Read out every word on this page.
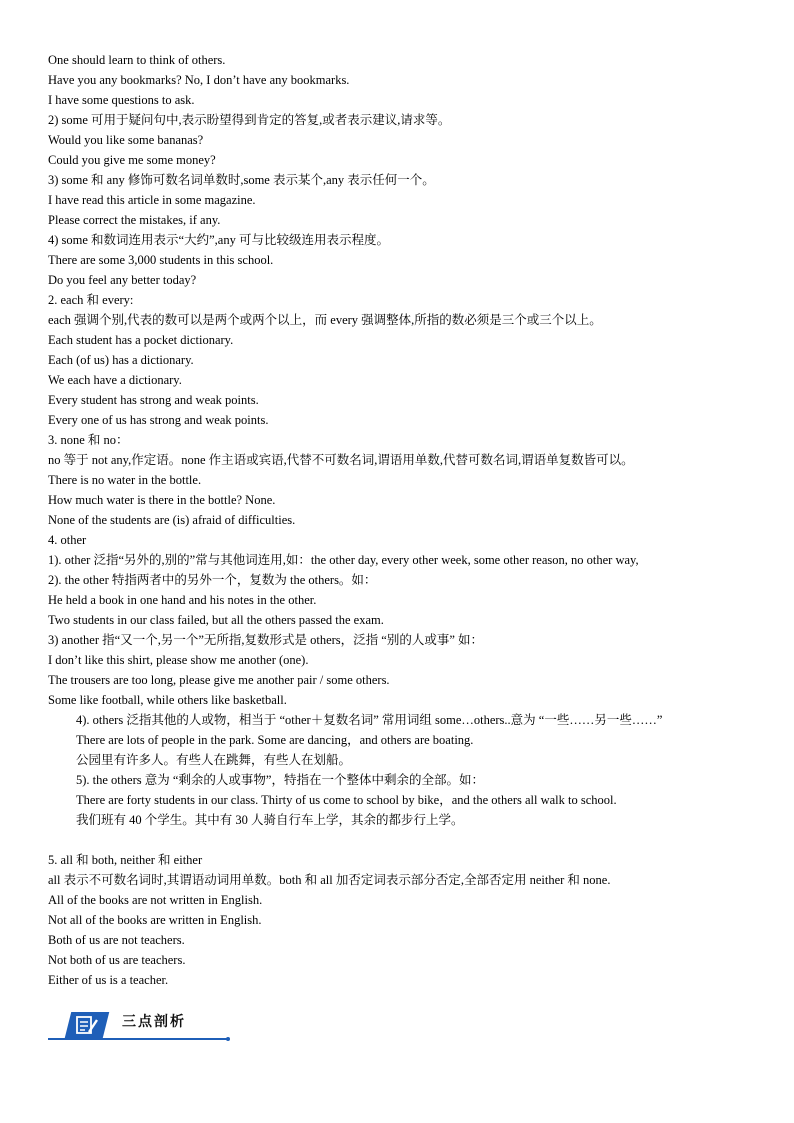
One should learn to think of others.
Have you any bookmarks? No, I don’t have any bookmarks.
I have some questions to ask.
2) some 可用于疑问句中,表示盼望得到肯定的答复,或者表示建议,请求等。
Would you like some bananas?
Could you give me some money?
3) some 和 any 修饰可数名词单数时,some 表示某个,any 表示任何一个。
I have read this article in some magazine.
Please correct the mistakes, if any.
4) some 和数词连用表示“大约”,any 可与比较级连用表示程度。
There are some 3,000 students in this school.
Do you feel any better today?
2. each 和 every:
each 强调个别,代表的数可以是两个或两个以上，而 every 强调整体,所指的数必须是三个或三个以上。
Each student has a pocket dictionary.
Each (of us) has a dictionary.
We each have a dictionary.
Every student has strong and weak points.
Every one of us has strong and weak points.
3. none 和 no：
no 等于 not any,作定语。none 作主语或宾语,代替不可数名词,谓语用单数,代替可数名词,谓语单复数皆可以。
There is no water in the bottle.
How much water is there in the bottle? None.
None of the students are (is) afraid of difficulties.
4. other
1). other 泛指“另外的,别的”常与其他词连用,如：the other day, every other week, some other reason, no other way,
2). the other 特指两者中的另外一个，复数为 the others。如：
He held a book in one hand and his notes in the other.
Two students in our class failed, but all the others passed the exam.
3) another 指“又一个,另一个”无所指,复数形式是 others，泛指 “别的人或事” 如：
I don’t like this shirt, please show me another (one).
The trousers are too long, please give me another pair / some others.
Some like football, while others like basketball.
4). others 泛指其他的人或物，相当于 “other＋复数名词” 常用词组 some…others..意为 “一些……另一些……”
There are lots of people in the park. Some are dancing，and others are boating.
公园里有许多人。有些人在跳舞，有些人在划船。
5). the others 意为 “剩余的人或事物”，特指在一个整体中剩余的全部。如：
There are forty students in our class. Thirty of us come to school by bike，and the others all walk to school.
我们班有 40 个学生。其中有 30 人骑自行车上学，其余的都步行上学。
5. all 和 both, neither 和 either
all 表示不可数名词时,其谓语动词用单数。both 和 all 加否定词表示部分否定,全部否定用 neither 和 none.
All of the books are not written in English.
Not all of the books are written in English.
Both of us are not teachers.
Not both of us are teachers.
Either of us is a teacher.
三点剖析
